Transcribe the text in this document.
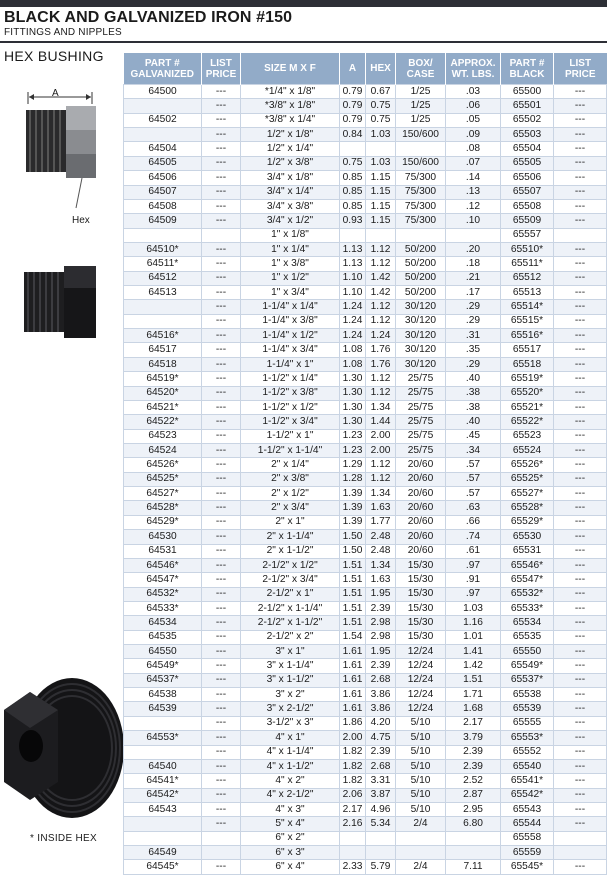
BLACK AND GALVANIZED IRON #150
FITTINGS AND NIPPLES
HEX BUSHING
Hex
A
* INSIDE HEX
PART # GALVANIZED	LIST PRICE	SIZE M X F	A	HEX	BOX/ CASE	APPROX. WT. LBS.	PART # BLACK	LIST PRICE
64500	---	*1/4" x 1/8"	0.79	0.67	1/25	.03	65500	---
	---	*3/8" x 1/8"	0.79	0.75	1/25	.06	65501	---
64502	---	*3/8" x 1/4"	0.79	0.75	1/25	.05	65502	---
	---	1/2" x 1/8"	0.84	1.03	150/600	.09	65503	---
64504	---	1/2" x 1/4"				.08	65504	---
64505	---	1/2" x 3/8"	0.75	1.03	150/600	.07	65505	---
64506	---	3/4" x 1/8"	0.85	1.15	75/300	.14	65506	---
64507	---	3/4" x 1/4"	0.85	1.15	75/300	.13	65507	---
64508	---	3/4" x 3/8"	0.85	1.15	75/300	.12	65508	---
64509	---	3/4" x 1/2"	0.93	1.15	75/300	.10	65509	---
		1" x 1/8"					65557	
64510*	---	1" x 1/4"	1.13	1.12	50/200	.20	65510*	---
64511*	---	1" x 3/8"	1.13	1.12	50/200	.18	65511*	---
64512	---	1" x 1/2"	1.10	1.42	50/200	.21	65512	---
64513	---	1" x 3/4"	1.10	1.42	50/200	.17	65513	---
	---	1-1/4" x 1/4"	1.24	1.12	30/120	.29	65514*	---
	---	1-1/4" x 3/8"	1.24	1.12	30/120	.29	65515*	---
64516*	---	1-1/4" x 1/2"	1.24	1.24	30/120	.31	65516*	---
64517	---	1-1/4" x 3/4"	1.08	1.76	30/120	.35	65517	---
64518	---	1-1/4" x 1"	1.08	1.76	30/120	.29	65518	---
64519*	---	1-1/2" x 1/4"	1.30	1.12	25/75	.40	65519*	---
64520*	---	1-1/2" x 3/8"	1.30	1.12	25/75	.38	65520*	---
64521*	---	1-1/2" x 1/2"	1.30	1.34	25/75	.38	65521*	---
64522*	---	1-1/2" x 3/4"	1.30	1.44	25/75	.40	65522*	---
64523	---	1-1/2" x 1"	1.23	2.00	25/75	.45	65523	---
64524	---	1-1/2" x 1-1/4"	1.23	2.00	25/75	.34	65524	---
64526*	---	2" x 1/4"	1.29	1.12	20/60	.57	65526*	---
64525*	---	2" x 3/8"	1.28	1.12	20/60	.57	65525*	---
64527*	---	2" x 1/2"	1.39	1.34	20/60	.57	65527*	---
64528*	---	2" x 3/4"	1.39	1.63	20/60	.63	65528*	---
64529*	---	2" x 1"	1.39	1.77	20/60	.66	65529*	---
64530	---	2" x 1-1/4"	1.50	2.48	20/60	.74	65530	---
64531	---	2" x 1-1/2"	1.50	2.48	20/60	.61	65531	---
64546*	---	2-1/2" x 1/2"	1.51	1.34	15/30	.97	65546*	---
64547*	---	2-1/2" x 3/4"	1.51	1.63	15/30	.91	65547*	---
64532*	---	2-1/2" x 1"	1.51	1.95	15/30	.97	65532*	---
64533*	---	2-1/2" x 1-1/4"	1.51	2.39	15/30	1.03	65533*	---
64534	---	2-1/2" x 1-1/2"	1.51	2.98	15/30	1.16	65534	---
64535	---	2-1/2" x 2"	1.54	2.98	15/30	1.01	65535	---
64550	---	3" x 1"	1.61	1.95	12/24	1.41	65550	---
64549*	---	3" x 1-1/4"	1.61	2.39	12/24	1.42	65549*	---
64537*	---	3" x 1-1/2"	1.61	2.68	12/24	1.51	65537*	---
64538	---	3" x 2"	1.61	3.86	12/24	1.71	65538	---
64539	---	3" x 2-1/2"	1.61	3.86	12/24	1.68	65539	---
	---	3-1/2" x 3"	1.86	4.20	5/10	2.17	65555	---
64553*	---	4" x 1"	2.00	4.75	5/10	3.79	65553*	---
	---	4" x 1-1/4"	1.82	2.39	5/10	2.39	65552	---
64540	---	4" x 1-1/2"	1.82	2.68	5/10	2.39	65540	---
64541*	---	4" x 2"	1.82	3.31	5/10	2.52	65541*	---
64542*	---	4" x 2-1/2"	2.06	3.87	5/10	2.87	65542*	---
64543	---	4" x 3"	2.17	4.96	5/10	2.95	65543	---
	---	5" x 4"	2.16	5.34	2/4	6.80	65544	---
		6" x 2"					65558	
64549		6" x 3"					65559	
64545*	---	6" x 4"	2.33	5.79	2/4	7.11	65545*	---
